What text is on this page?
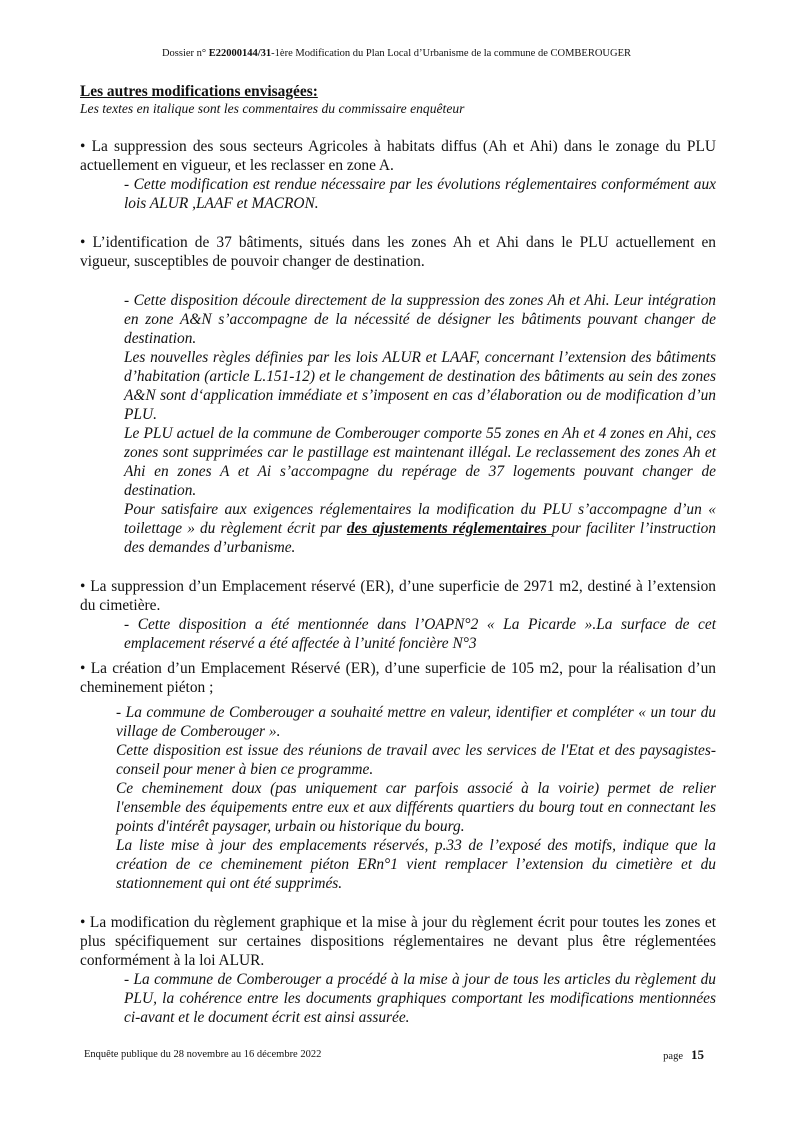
Dossier n° E22000144/31-1ère Modification du Plan Local d’Urbanisme de la commune de COMBEROUGER

Les autres modifications envisagées:

Les textes en italique sont les commentaires du commissaire enquêteur

• La suppression des sous secteurs Agricoles à habitats diffus (Ah et Ahi) dans le zonage du PLU actuellement en vigueur, et les reclasser en zone A.

- Cette modification est rendue nécessaire par les évolutions réglementaires conformément aux lois ALUR ,LAAF et MACRON.

• L’identification de 37 bâtiments, situés dans les zones Ah et Ahi dans le PLU actuellement en vigueur, susceptibles de pouvoir changer de destination.

- Cette disposition découle directement de la suppression des zones Ah et Ahi. Leur intégration en zone A&N s’accompagne de la nécessité de désigner les bâtiments pouvant changer de destination.

Les nouvelles règles définies par les lois ALUR et LAAF, concernant l’extension des bâtiments d’habitation (article L.151-12) et le changement de destination des bâtiments au sein des zones A&N sont d‘application immédiate et s’imposent en cas d’élaboration ou de modification d’un PLU.

Le PLU actuel de la commune de Comberouger comporte 55 zones en Ah et 4 zones en Ahi, ces zones sont supprimées car le pastillage est maintenant illégal. Le reclassement des zones Ah et Ahi en zones A et Ai s’accompagne du repérage de 37 logements pouvant changer de destination.

Pour satisfaire aux exigences réglementaires la modification du PLU s’accompagne d’un « toilettage » du règlement écrit par des ajustements réglementaires pour faciliter l’instruction des demandes d’urbanisme.

• La suppression d’un Emplacement réservé (ER), d’une superficie de 2971 m2, destiné à l’extension du cimetière.

- Cette disposition a été mentionnée dans l’OAPN°2 « La Picarde ».La surface de cet emplacement réservé a été affectée à l’unité foncière N°3

• La création d’un Emplacement Réservé (ER), d’une superficie de 105 m2, pour la réalisation d’un cheminement piéton ;

- La commune de Comberouger a souhaité mettre en valeur, identifier et compléter « un tour du village de Comberouger ».

Cette disposition est issue des réunions de travail avec les services de l'Etat et des paysagistes-conseil pour mener à bien ce programme.

Ce cheminement doux (pas uniquement car parfois associé à la voirie) permet de relier l'ensemble des équipements entre eux et aux différents quartiers du bourg tout en connectant les points d'intérêt paysager, urbain ou historique du bourg.

La liste mise à jour des emplacements réservés, p.33 de l’exposé des motifs, indique que la création de ce cheminement piéton ERn°1 vient remplacer l’extension du cimetière et du stationnement qui ont été supprimés.

• La modification du règlement graphique et la mise à jour du règlement écrit pour toutes les zones et plus spécifiquement sur certaines dispositions réglementaires ne devant plus être réglementées conformément à la loi ALUR.

- La commune de Comberouger a procédé à la mise à jour de tous les articles du règlement du PLU, la cohérence entre les documents graphiques comportant les modifications mentionnées ci-avant et le document écrit est ainsi assurée.

Enquête publique du 28 novembre au 16 décembre 2022	page 15
